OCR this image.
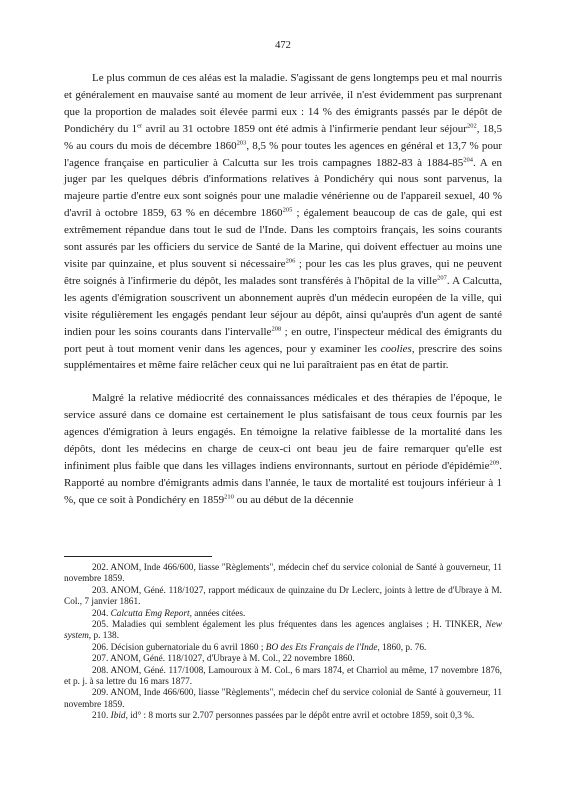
472

Le plus commun de ces aléas est la maladie. S'agissant de gens longtemps peu et mal nourris et généralement en mauvaise santé au moment de leur arrivée, il n'est évidemment pas surprenant que la proportion de malades soit élevée parmi eux : 14 % des émigrants passés par le dépôt de Pondichéry du 1er avril au 31 octobre 1859 ont été admis à l'infirmerie pendant leur séjour$^{202}$, 18,5 % au cours du mois de décembre 1860$^{203}$, 8,5 % pour toutes les agences en général et 13,7 % pour l'agence française en particulier à Calcutta sur les trois campagnes 1882-83 à $1884-85^{204}$. A en juger par les quelques débris d'informations relatives à Pondichéry qui nous sont parvenus, la majeure partie d'entre eux sont soignés pour une maladie vénérienne ou de l'appareil sexuel, 40 % d'avril à octobre 1859, 63 % en décembre 1860$^{205}$ ; également beaucoup de cas de gale, qui est extrêmement répandue dans tout le sud de l'Inde. Dans les comptoirs français, les soins courants sont assurés par les officiers du service de Santé de la Marine, qui doivent effectuer au moins une visite par quinzaine, et plus souvent si nécessaire$^{206}$ ; pour les cas les plus graves, qui ne peuvent être soignés à l'infirmerie du dépôt, les malades sont transférés à l'hôpital de la ville$^{207}$. A Calcutta, les agents d'émigration souscrivent un abonnement auprès d'un médecin européen de la ville, qui visite régulièrement les engagés pendant leur séjour au dépôt, ainsi qu'auprès d'un agent de santé indien pour les soins courants dans l'intervalle$^{208}$ ; en outre, l'inspecteur médical des émigrants du port peut à tout moment venir dans les agences, pour y examiner les coolies, prescrire des soins supplémentaires et même faire relâcher ceux qui ne lui paraîtraient pas en état de partir.

Malgré la relative médiocrité des connaissances médicales et des thérapies de l'époque, le service assuré dans ce domaine est certainement le plus satisfaisant de tous ceux fournis par les agences d'émigration à leurs engagés. En témoigne la relative faiblesse de la mortalité dans les dépôts, dont les médecins en charge de ceux-ci ont beau jeu de faire remarquer qu'elle est infiniment plus faible que dans les villages indiens environnants, surtout en période d'épidémie$^{209}$. Rapporté au nombre d'émigrants admis dans l'année, le taux de mortalité est toujours inférieur à 1 %, que ce soit à Pondichéry en 1859$^{210}$ ou au début de la décennie

202. ANOM, Inde 466/600, liasse "Règlements", médecin chef du service colonial de Santé à gouverneur, 11 novembre 1859.

203. ANOM, Géné. 118/1027, rapport médicaux de quinzaine du Dr Leclerc, joints à lettre de d'Ubraye à M. Col., 7 janvier 1861.

204. Calcutta Emg Report, années citées.

205. Maladies qui semblent également les plus fréquentes dans les agences anglaises ; H. TINKER, New system, p. 138.

206. Décision gubernatoriale du 6 avril 1860 ; BO des Ets Français de l'Inde, 1860, p. 76.

207. ANOM, Géné. 118/1027, d'Ubraye à M. Col., 22 novembre 1860.

208. ANOM, Géné. 117/1008, Lamouroux à M. Col., 6 mars 1874, et Charriol au même, 17 novembre 1876, et p. j. à sa lettre du 16 mars 1877.

209. ANOM, Inde 466/600, liasse "Règlements", médecin chef du service colonial de Santé à gouverneur, 11 novembre 1859.

210. Ibid, id° : 8 morts sur 2.707 personnes passées par le dépôt entre avril et octobre 1859, soit 0,3 %.
